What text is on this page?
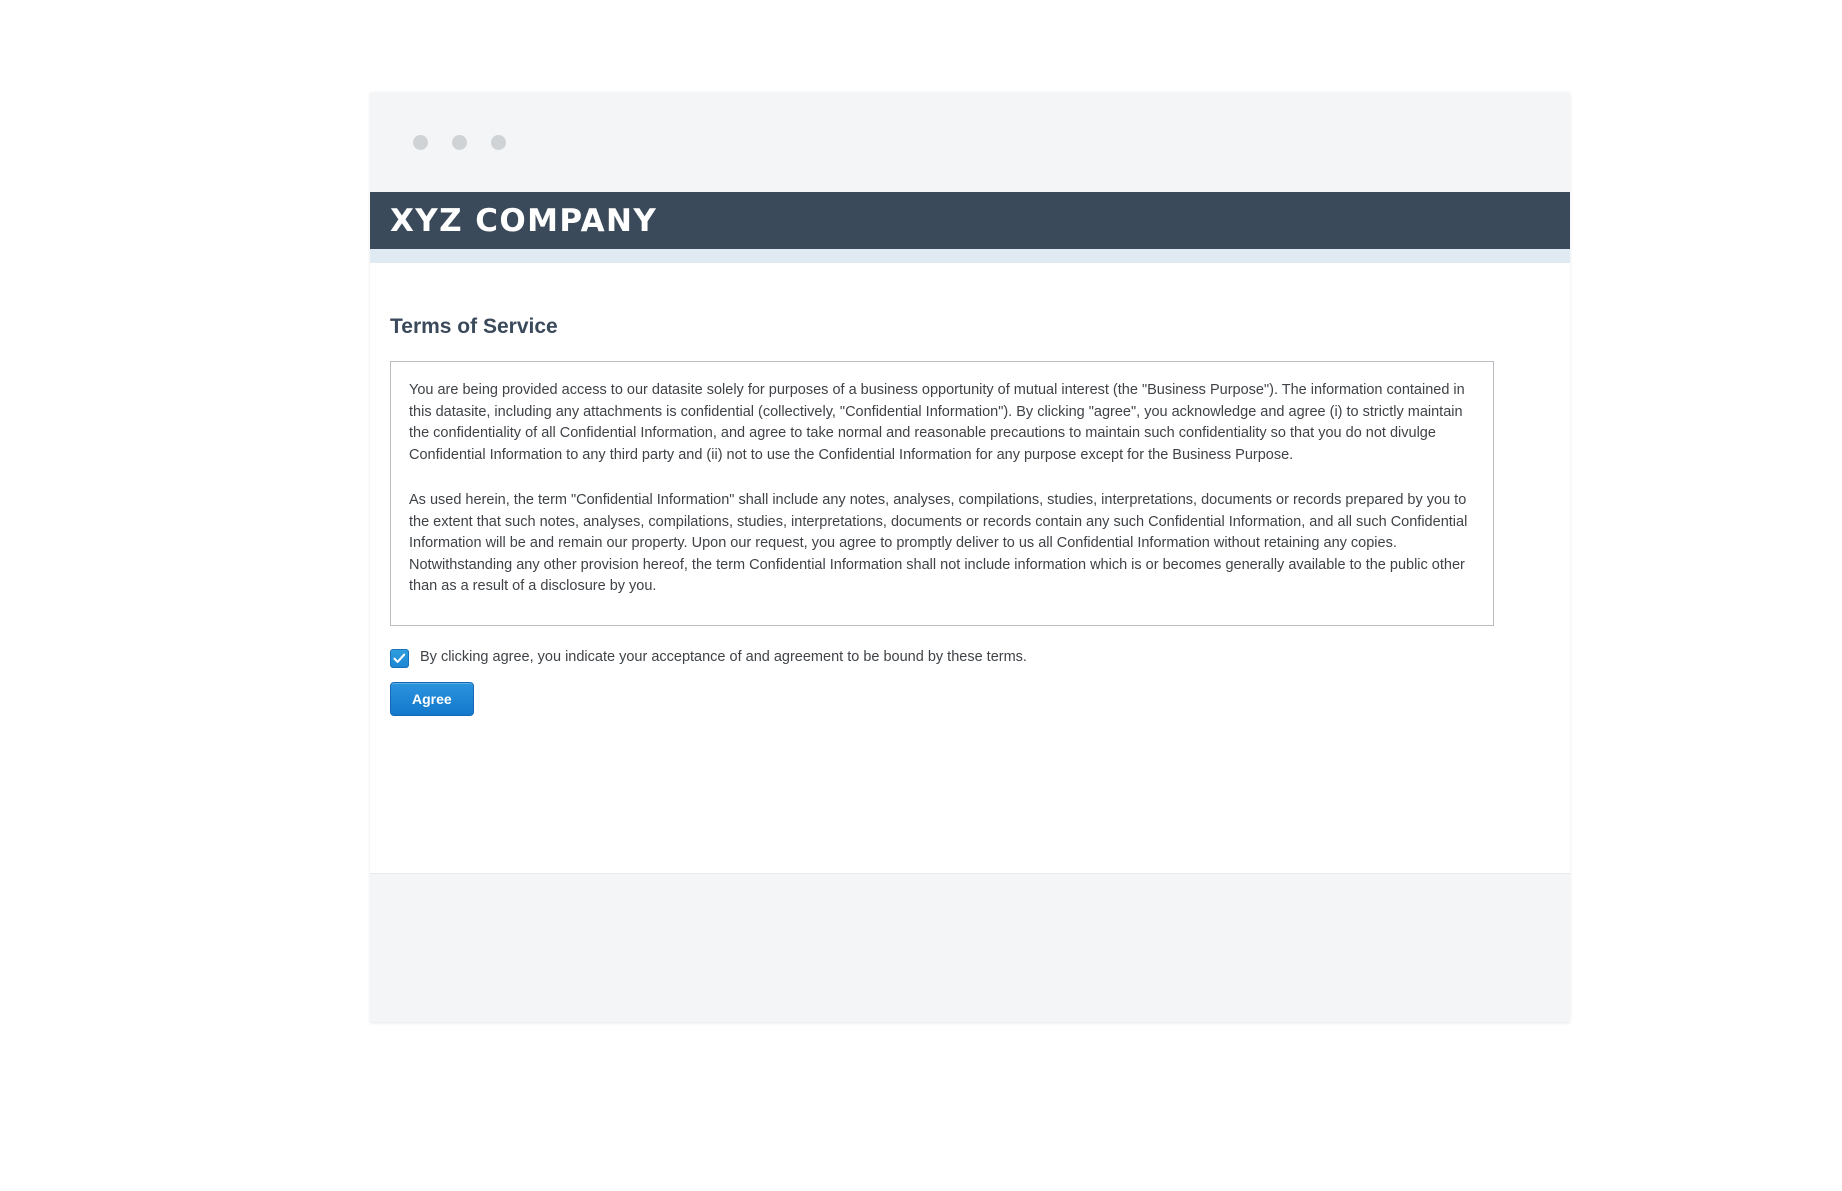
XYZ COMPANY
Terms of Service

You are being provided access to our datasite solely for purposes of a business opportunity of mutual interest (the "Business Purpose"). The information contained in this datasite, including any attachments is confidential (collectively, "Confidential Information"). By clicking "agree", you acknowledge and agree (i) to strictly maintain the confidentiality of all Confidential Information, and agree to take normal and reasonable precautions to maintain such confidentiality so that you do not divulge Confidential Information to any third party and (ii) not to use the Confidential Information for any purpose except for the Business Purpose.

As used herein, the term "Confidential Information" shall include any notes, analyses, compilations, studies, interpretations, documents or records prepared by you to the extent that such notes, analyses, compilations, studies, interpretations, documents or records contain any such Confidential Information, and all such Confidential Information will be and remain our property. Upon our request, you agree to promptly deliver to us all Confidential Information without retaining any copies. Notwithstanding any other provision hereof, the term Confidential Information shall not include information which is or becomes generally available to the public other than as a result of a disclosure by you.

By clicking agree, you indicate your acceptance of and agreement to be bound by these terms.
Agree
